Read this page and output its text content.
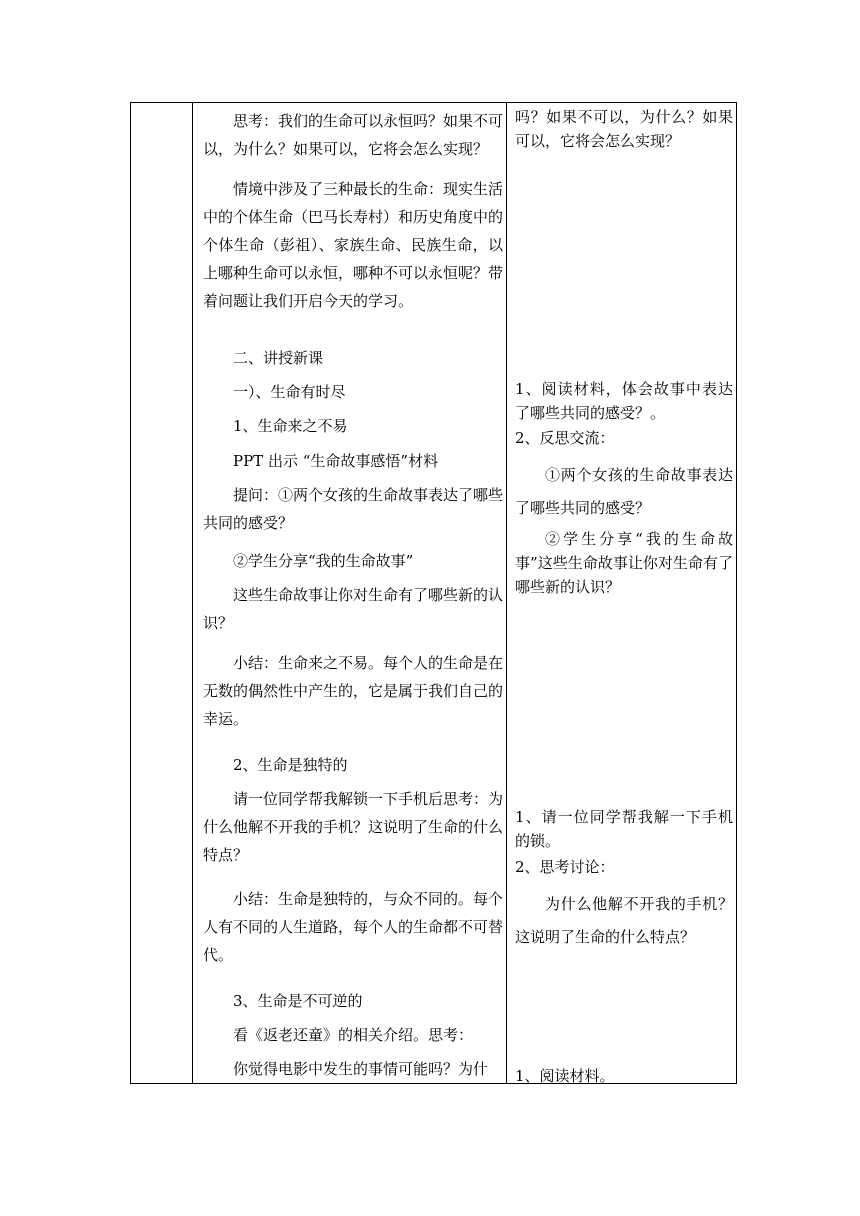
思考：我们的生命可以永恒吗？如果不可以，为什么？如果可以，它将会怎么实现？

情境中涉及了三种最长的生命：现实生活中的个体生命（巴马长寿村）和历史角度中的个体生命（彭祖）、家族生命、民族生命，以上哪种生命可以永恒，哪种不可以永恒呢？带着问题让我们开启今天的学习。

二、讲授新课

一）、生命有时尽

1、生命来之不易

PPT 出示 “生命故事感悟”材料

提问：①两个女孩的生命故事表达了哪些共同的感受？

②学生分享“我的生命故事”

这些生命故事让你对生命有了哪些新的认识？

小结：生命来之不易。每个人的生命是在无数的偶然性中产生的，它是属于我们自己的幸运。

2、生命是独特的

请一位同学帮我解锁一下手机后思考：为什么他解不开我的手机？这说明了生命的什么特点？

小结：生命是独特的，与众不同的。每个人有不同的人生道路，每个人的生命都不可替代。

3、生命是不可逆的

看《返老还童》的相关介绍。思考：

你觉得电影中发生的事情可能吗？为什

吗？如果不可以，为什么？如果可以，它将会怎么实现？

1、阅读材料，体会故事中表达了哪些共同的感受？。

2、反思交流：

①两个女孩的生命故事表达了哪些共同的感受？

②学生分享“我的生命故事”这些生命故事让你对生命有了哪些新的认识？

1、请一位同学帮我解一下手机的锁。

2、思考讨论：

为什么他解不开我的手机？这说明了生命的什么特点？

1、阅读材料。
